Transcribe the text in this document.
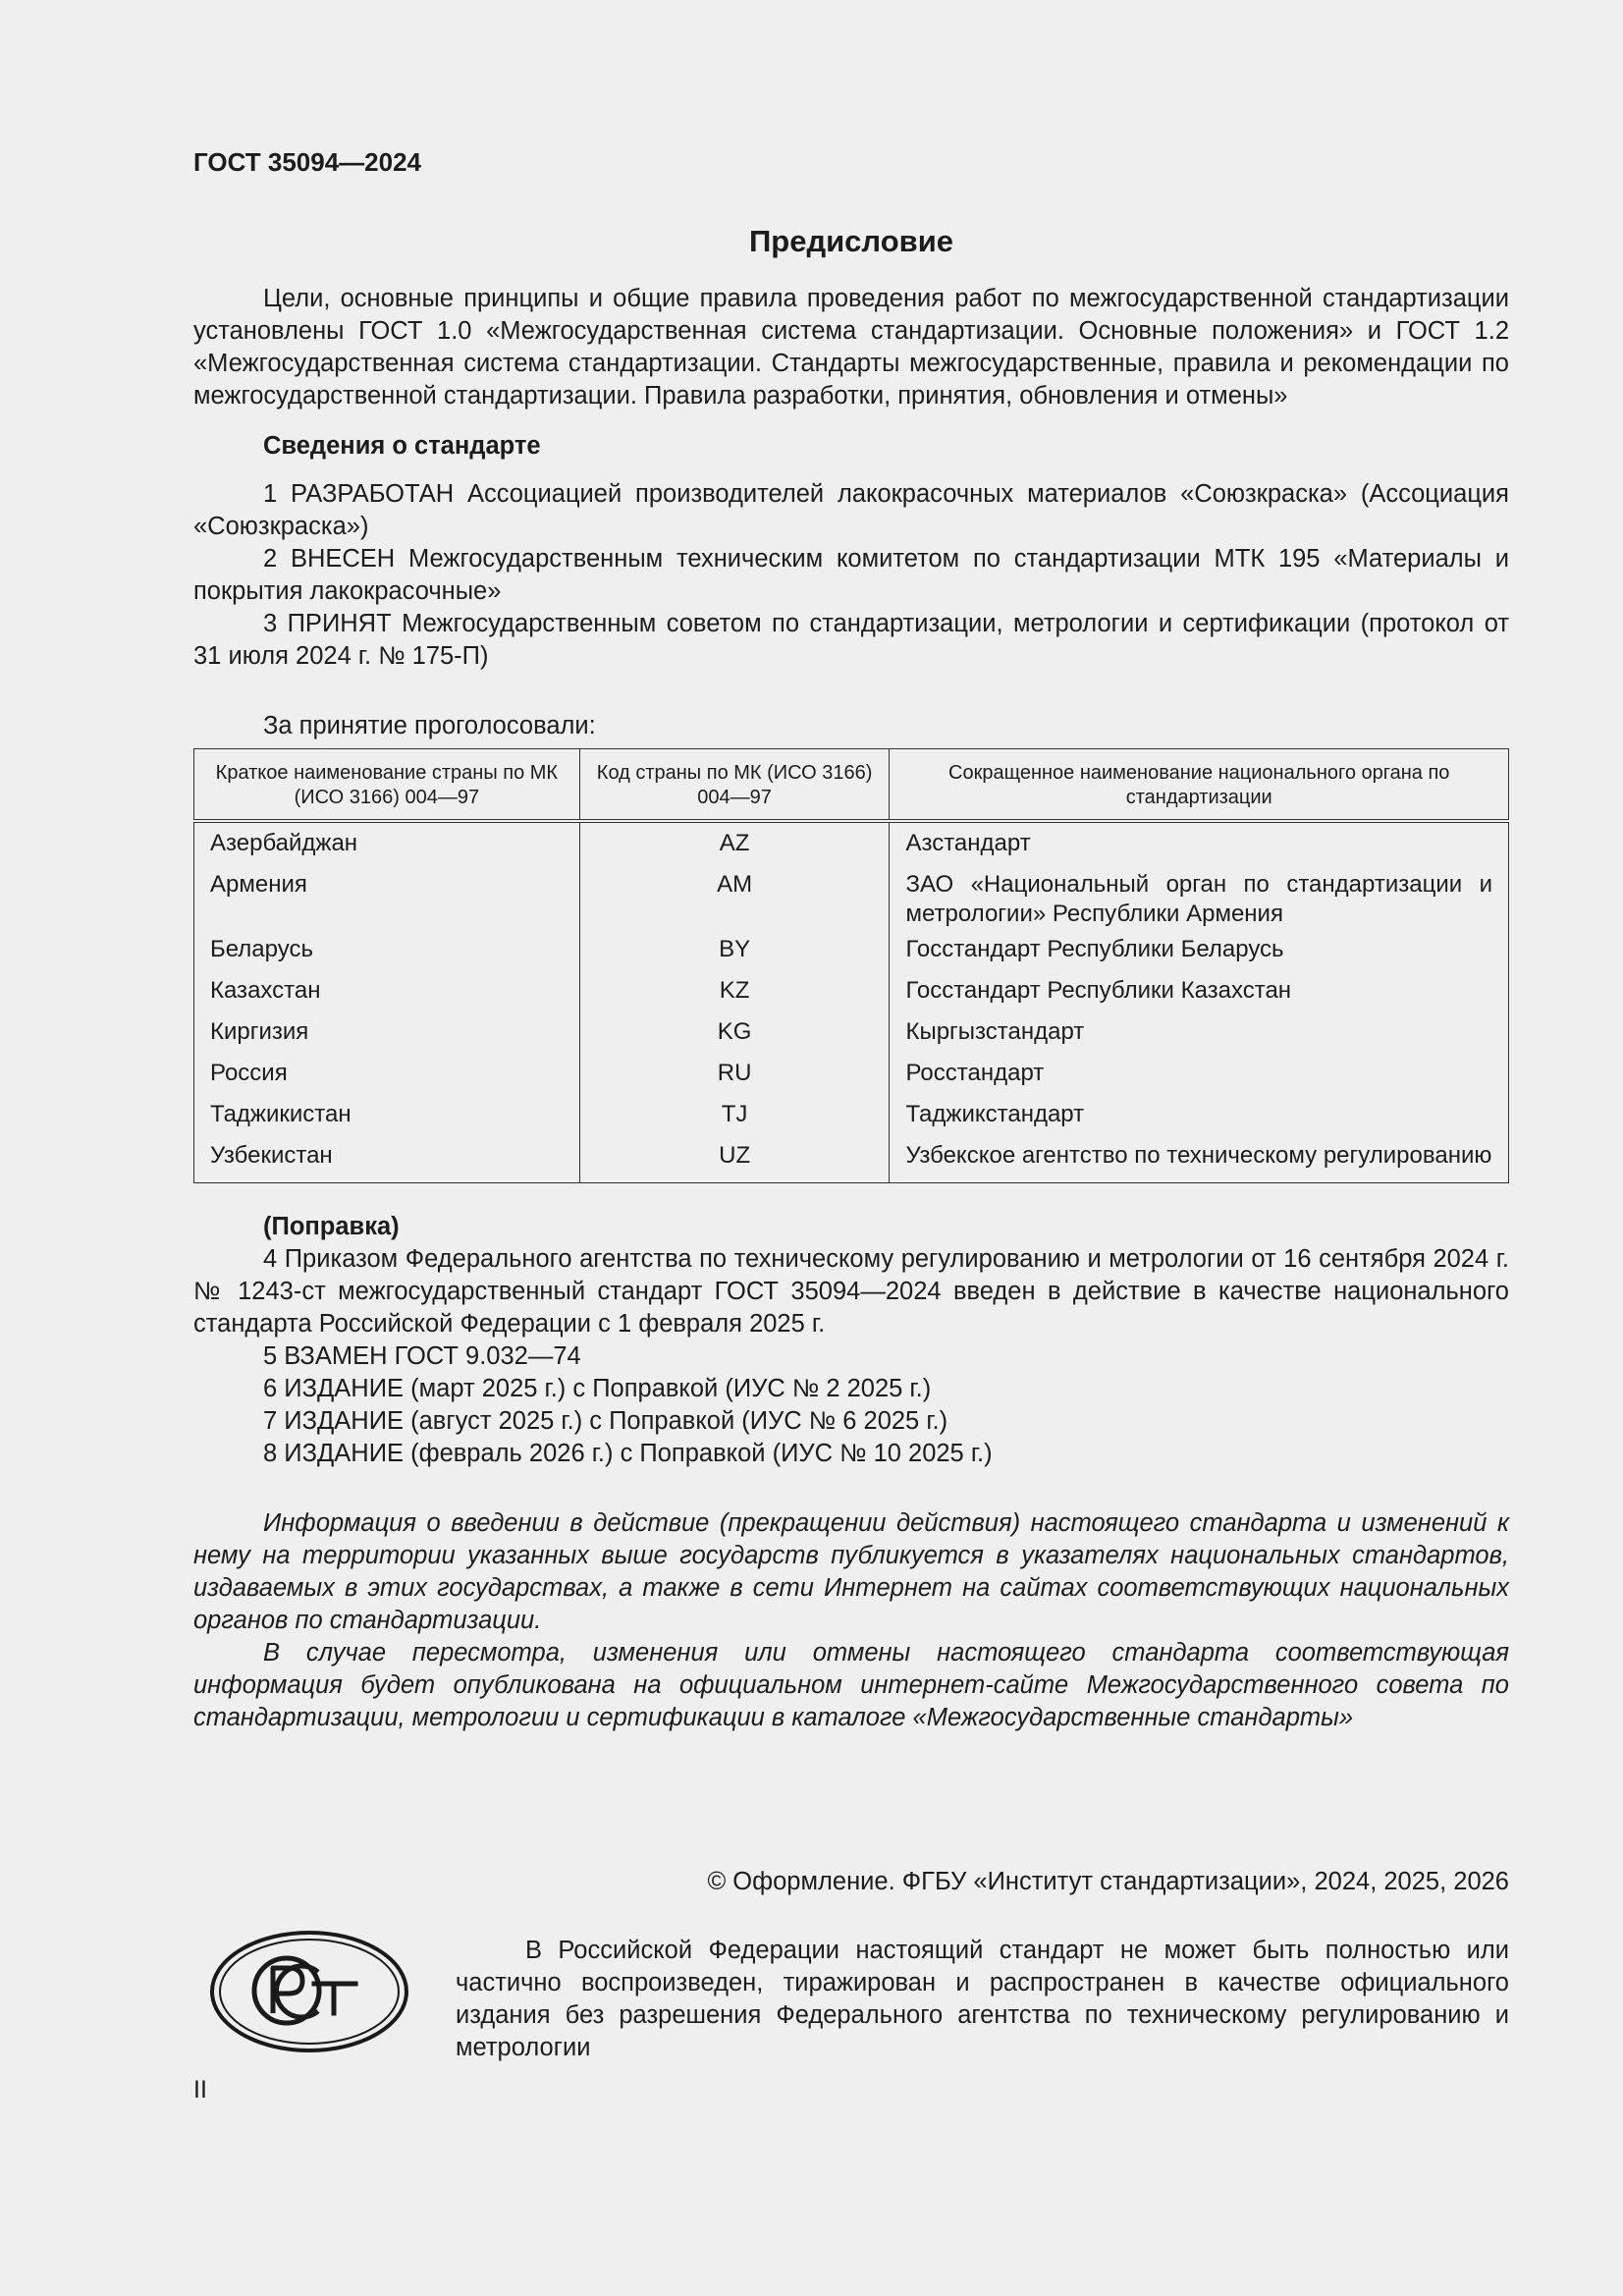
ГОСТ 35094—2024
Предисловие

Цели, основные принципы и общие правила проведения работ по межгосударственной стандартизации установлены ГОСТ 1.0 «Межгосударственная система стандартизации. Основные положения» и ГОСТ 1.2 «Межгосударственная система стандартизации. Стандарты межгосударственные, правила и рекомендации по межгосударственной стандартизации. Правила разработки, принятия, обновления и отмены»

Сведения о стандарте

1 РАЗРАБОТАН Ассоциацией производителей лакокрасочных материалов «Союзкраска» (Ассоциация «Союзкраска»)

2 ВНЕСЕН Межгосударственным техническим комитетом по стандартизации МТК 195 «Материалы и покрытия лакокрасочные»

3 ПРИНЯТ Межгосударственным советом по стандартизации, метрологии и сертификации (протокол от 31 июля 2024 г. № 175-П)

За принятие проголосовали:

Краткое наименование страны по МК (ИСО 3166) 004—97	Код страны по МК (ИСО 3166) 004—97	Сокращенное наименование национального органа по стандартизации
Азербайджан	AZ	Азстандарт
Армения	AM	ЗАО «Национальный орган по стандартизации и метрологии» Республики Армения
Беларусь	BY	Госстандарт Республики Беларусь
Казахстан	KZ	Госстандарт Республики Казахстан
Киргизия	KG	Кыргызстандарт
Россия	RU	Росстандарт
Таджикистан	TJ	Таджикстандарт
Узбекистан	UZ	Узбекское агентство по техническому регулированию
(Поправка)

4 Приказом Федерального агентства по техническому регулированию и метрологии от 16 сентября 2024 г. № 1243-ст межгосударственный стандарт ГОСТ 35094—2024 введен в действие в качестве национального стандарта Российской Федерации с 1 февраля 2025 г.

5 ВЗАМЕН ГОСТ 9.032—74

6 ИЗДАНИЕ (март 2025 г.) с Поправкой (ИУС № 2 2025 г.)

7 ИЗДАНИЕ (август 2025 г.) с Поправкой (ИУС № 6 2025 г.)

8 ИЗДАНИЕ (февраль 2026 г.) с Поправкой (ИУС № 10 2025 г.)

Информация о введении в действие (прекращении действия) настоящего стандарта и изменений к нему на территории указанных выше государств публикуется в указателях национальных стандартов, издаваемых в этих государствах, а также в сети Интернет на сайтах соответствующих национальных органов по стандартизации.

В случае пересмотра, изменения или отмены настоящего стандарта соответствующая информация будет опубликована на официальном интернет-сайте Межгосударственного совета по стандартизации, метрологии и сертификации в каталоге «Межгосударственные стандарты»

© Оформление. ФГБУ «Институт стандартизации», 2024, 2025, 2026
В Российской Федерации настоящий стандарт не может быть полностью или частично воспроизведен, тиражирован и распространен в качестве официального издания без разрешения Федерального агентства по техническому регулированию и метрологии
II
